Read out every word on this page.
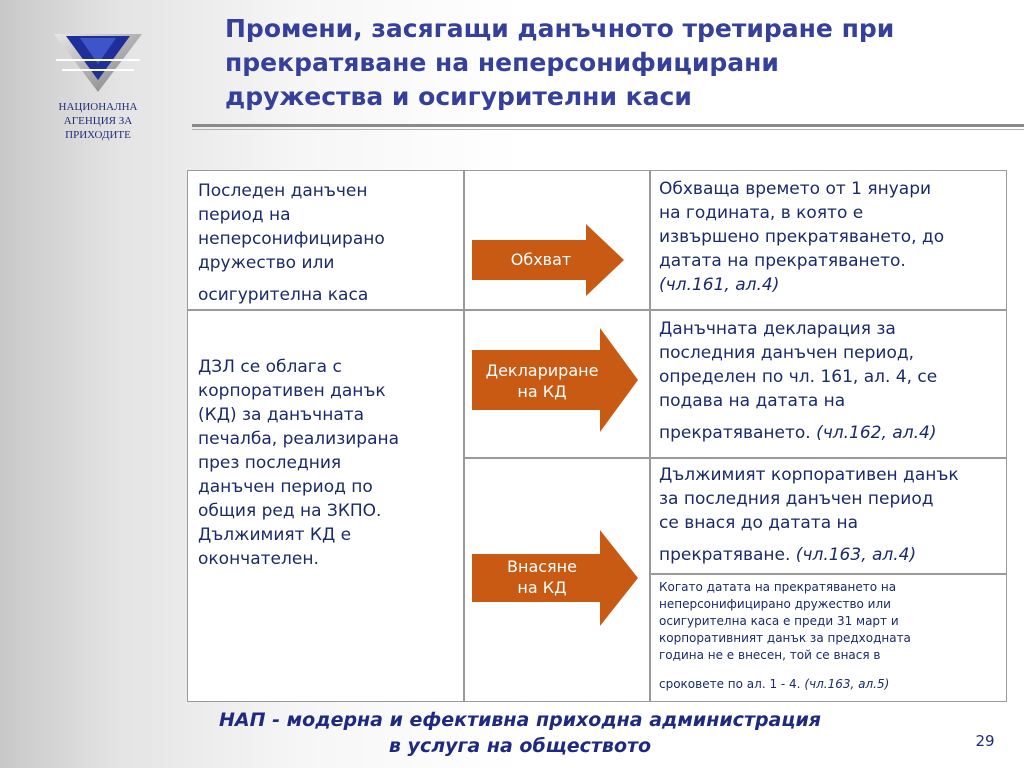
НАЦИОНАЛНА
АГЕНЦИЯ ЗА
ПРИХОДИТЕ
Промени, засягащи данъчното третиране при
прекратяване на неперсонифицирани
дружества и осигурителни каси
Последен данъчен
период на
неперсонифицирано
дружество или
осигурителна каса
ДЗЛ се облага с
корпоративен данък
(КД) за данъчната
печалба, реализирана
през последния
данъчен период по
общия ред на ЗКПО.
Дължимият КД е
окончателен.
Обхват
Деклариране
на КД
Внасяне
на КД
Обхваща времето от 1 януари
на годината, в която е
извършено прекратяването, до
датата на прекратяването.
(чл.161, ал.4)
Данъчната декларация за
последния данъчен период,
определен по чл. 161, ал. 4, се
подава на датата на
прекратяването. (чл.162, ал.4)
Дължимият корпоративен данък
за последния данъчен период
се внася до датата на
прекратяване. (чл.163, ал.4)
Когато датата на прекратяването на
неперсонифицирано дружество или
осигурителна каса е преди 31 март и
корпоративният данък за предходната
година не е внесен, той се внася в
сроковете по ал. 1 - 4. (чл.163, ал.5)
НАП - модерна и ефективна приходна администрация
в услуга на обществото	29
